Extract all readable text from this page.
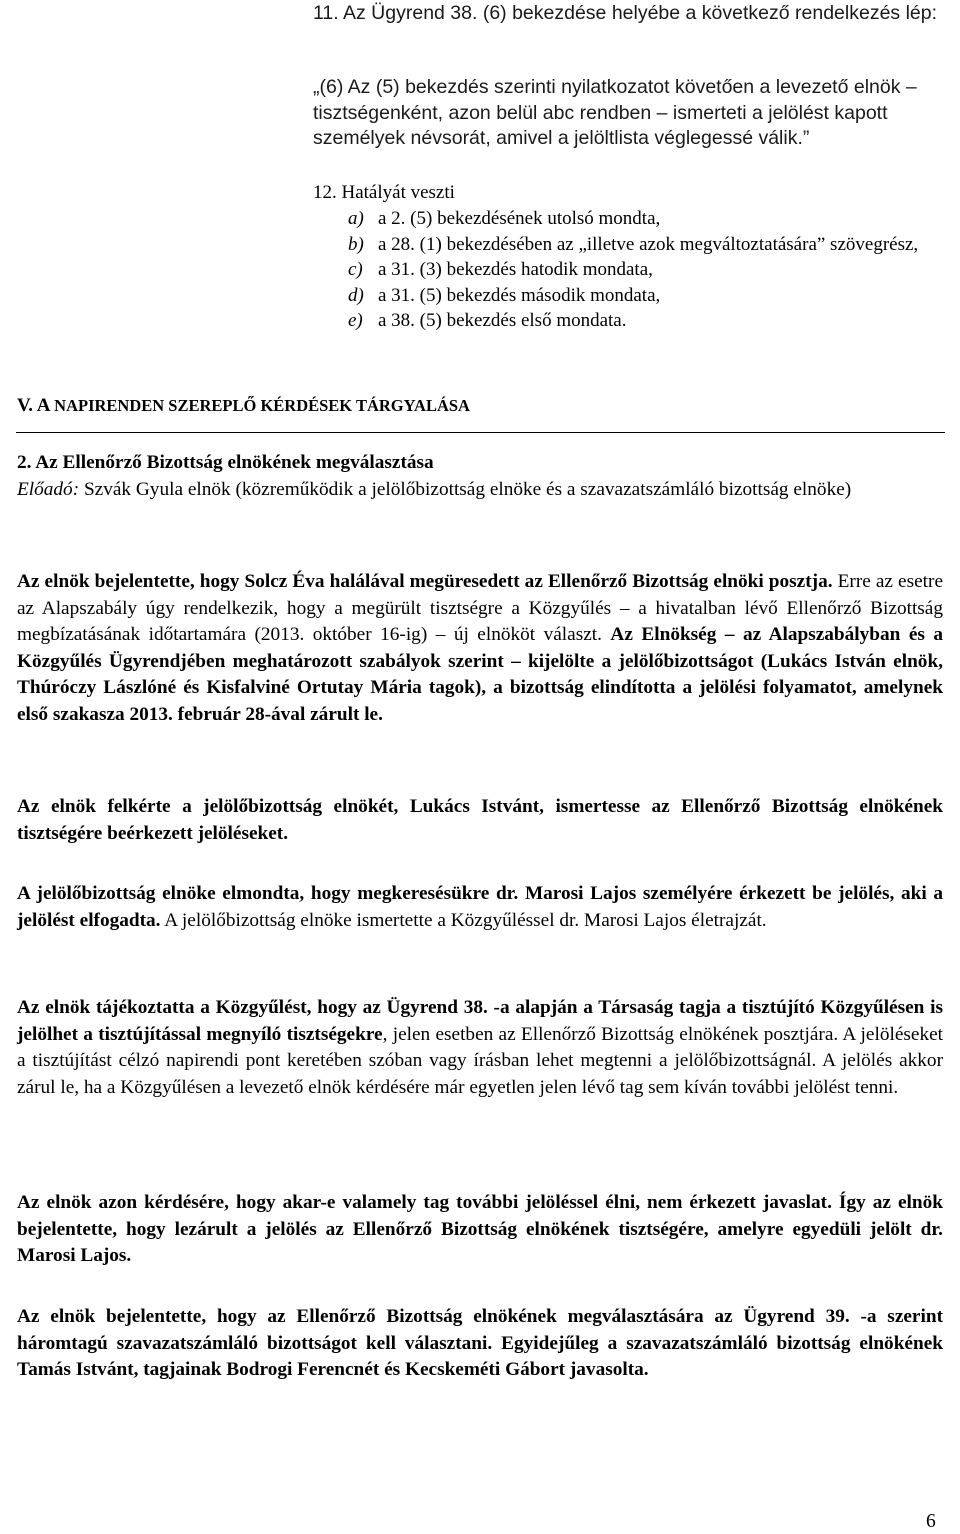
11. Az Ügyrend 38. (6) bekezdése helyébe a következő rendelkezés lép:

„(6) Az (5) bekezdés szerinti nyilatkozatot követően a levezető elnök – tisztségenként, azon belül abc rendben – ismerteti a jelölést kapott személyek névsorát, amivel a jelöltlista véglegessé válik.”

12. Hatályát veszti
a) a 2. (5) bekezdésének utolsó mondta,
b) a 28. (1) bekezdésében az „illetve azok megváltoztatására” szövegrész,
c) a 31. (3) bekezdés hatodik mondata,
d) a 31. (5) bekezdés második mondata,
e) a 38. (5) bekezdés első mondata.
V. A NAPIRENDEN SZEREPLŐ KÉRDÉSEK TÁRGYALÁSA
2. Az Ellenőrző Bizottság elnökének megválasztása
Előadó: Szvák Gyula elnök (közreműködik a jelölőbizottság elnöke és a szavazatszámláló bizottság elnöke)

Az elnök bejelentette, hogy Solcz Éva halálával megüresedett az Ellenőrző Bizottság elnöki posztja. Erre az esetre az Alapszabály úgy rendelkezik, hogy a megürült tisztségre a Közgyűlés – a hivatalban lévő Ellenőrző Bizottság megbízatásának időtartamára (2013. október 16-ig) – új elnököt választ. Az Elnökség – az Alapszabályban és a Közgyűlés Ügyrendjében meghatározott szabályok szerint – kijelölte a jelölőbizottságot (Lukács István elnök, Thúróczy Lászlóné és Kisfalviné Ortutay Mária tagok), a bizottság elindította a jelölési folyamatot, amelynek első szakasza 2013. február 28-ával zárult le.

Az elnök felkérte a jelölőbizottság elnökét, Lukács Istvánt, ismertesse az Ellenőrző Bizottság elnökének tisztségére beérkezett jelöléseket.

A jelölőbizottság elnöke elmondta, hogy megkeresésükre dr. Marosi Lajos személyére érkezett be jelölés, aki a jelölést elfogadta. A jelölőbizottság elnöke ismertette a Közgyűléssel dr. Marosi Lajos életrajzát.

Az elnök tájékoztatta a Közgyűlést, hogy az Ügyrend 38. -a alapján a Társaság tagja a tisztújító Közgyűlésen is jelölhet a tisztújítással megnyíló tisztségekre, jelen esetben az Ellenőrző Bizottság elnökének posztjára. A jelöléseket a tisztújítást célzó napirendi pont keretében szóban vagy írásban lehet megtenni a jelölőbizottságnál. A jelölés akkor zárul le, ha a Közgyűlésen a levezető elnök kérdésére már egyetlen jelen lévő tag sem kíván további jelölést tenni.

Az elnök azon kérdésére, hogy akar-e valamely tag további jelöléssel élni, nem érkezett javaslat. Így az elnök bejelentette, hogy lezárult a jelölés az Ellenőrző Bizottság elnökének tisztségére, amelyre egyedüli jelölt dr. Marosi Lajos.

Az elnök bejelentette, hogy az Ellenőrző Bizottság elnökének megválasztására az Ügyrend 39. -a szerint háromtagú szavazatszámláló bizottságot kell választani. Egyidejűleg a szavazatszámláló bizottság elnökének Tamás Istvánt, tagjainak Bodrogi Ferencnét és Kecskeméti Gábort javasolta.

6
